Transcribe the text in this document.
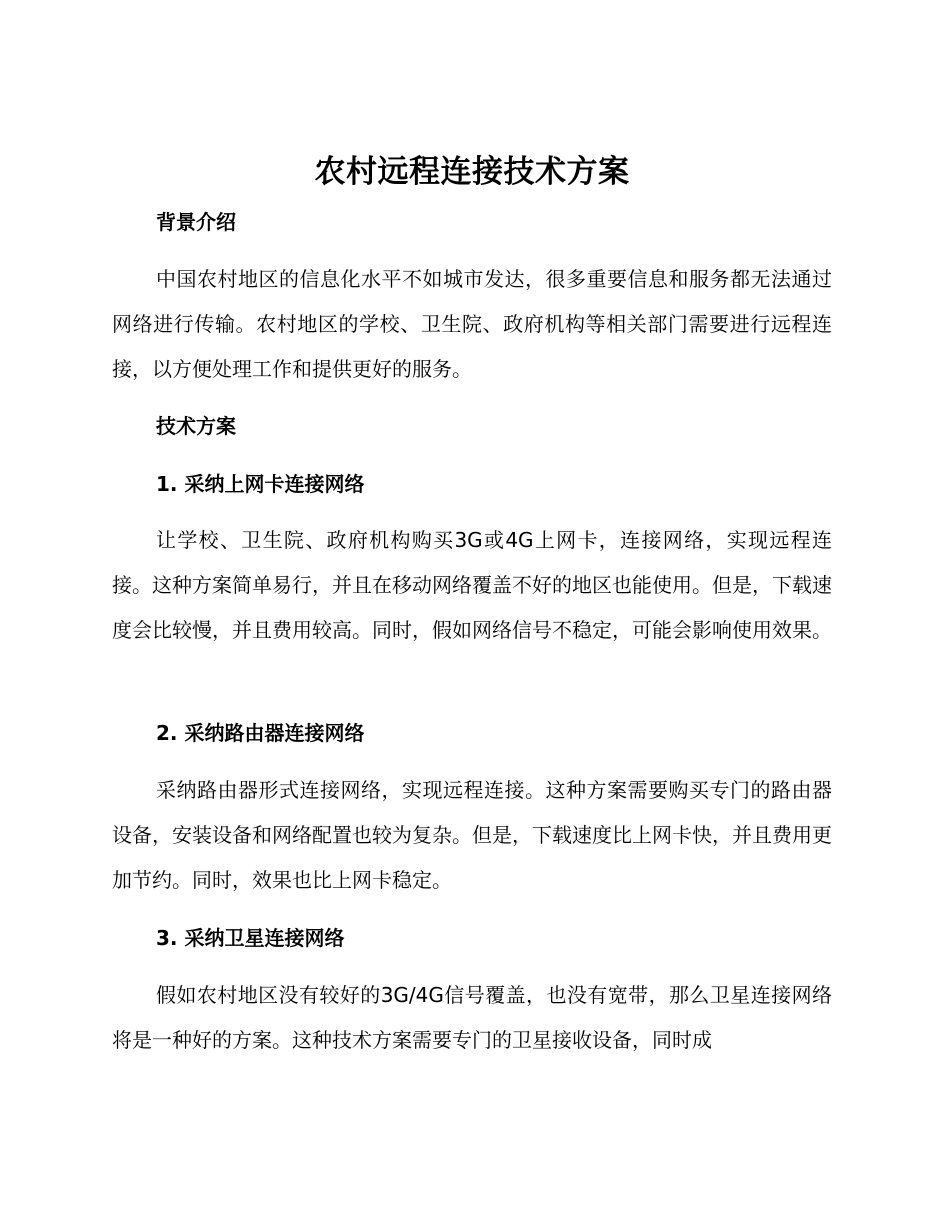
农村远程连接技术方案
背景介绍

中国农村地区的信息化水平不如城市发达，很多重要信息和服务都无法通过网络进行传输。农村地区的学校、卫生院、政府机构等相关部门需要进行远程连接，以方便处理工作和提供更好的服务。

技术方案
1. 采纳上网卡连接网络

让学校、卫生院、政府机构购买3G或4G上网卡，连接网络，实现远程连接。这种方案简单易行，并且在移动网络覆盖不好的地区也能使用。但是，下载速度会比较慢，并且费用较高。同时，假如网络信号不稳定，可能会影响使用效果。

2. 采纳路由器连接网络

采纳路由器形式连接网络，实现远程连接。这种方案需要购买专门的路由器设备，安装设备和网络配置也较为复杂。但是，下载速度比上网卡快，并且费用更加节约。同时，效果也比上网卡稳定。

3. 采纳卫星连接网络

假如农村地区没有较好的3G/4G信号覆盖，也没有宽带，那么卫星连接网络将是一种好的方案。这种技术方案需要专门的卫星接收设备，同时成
